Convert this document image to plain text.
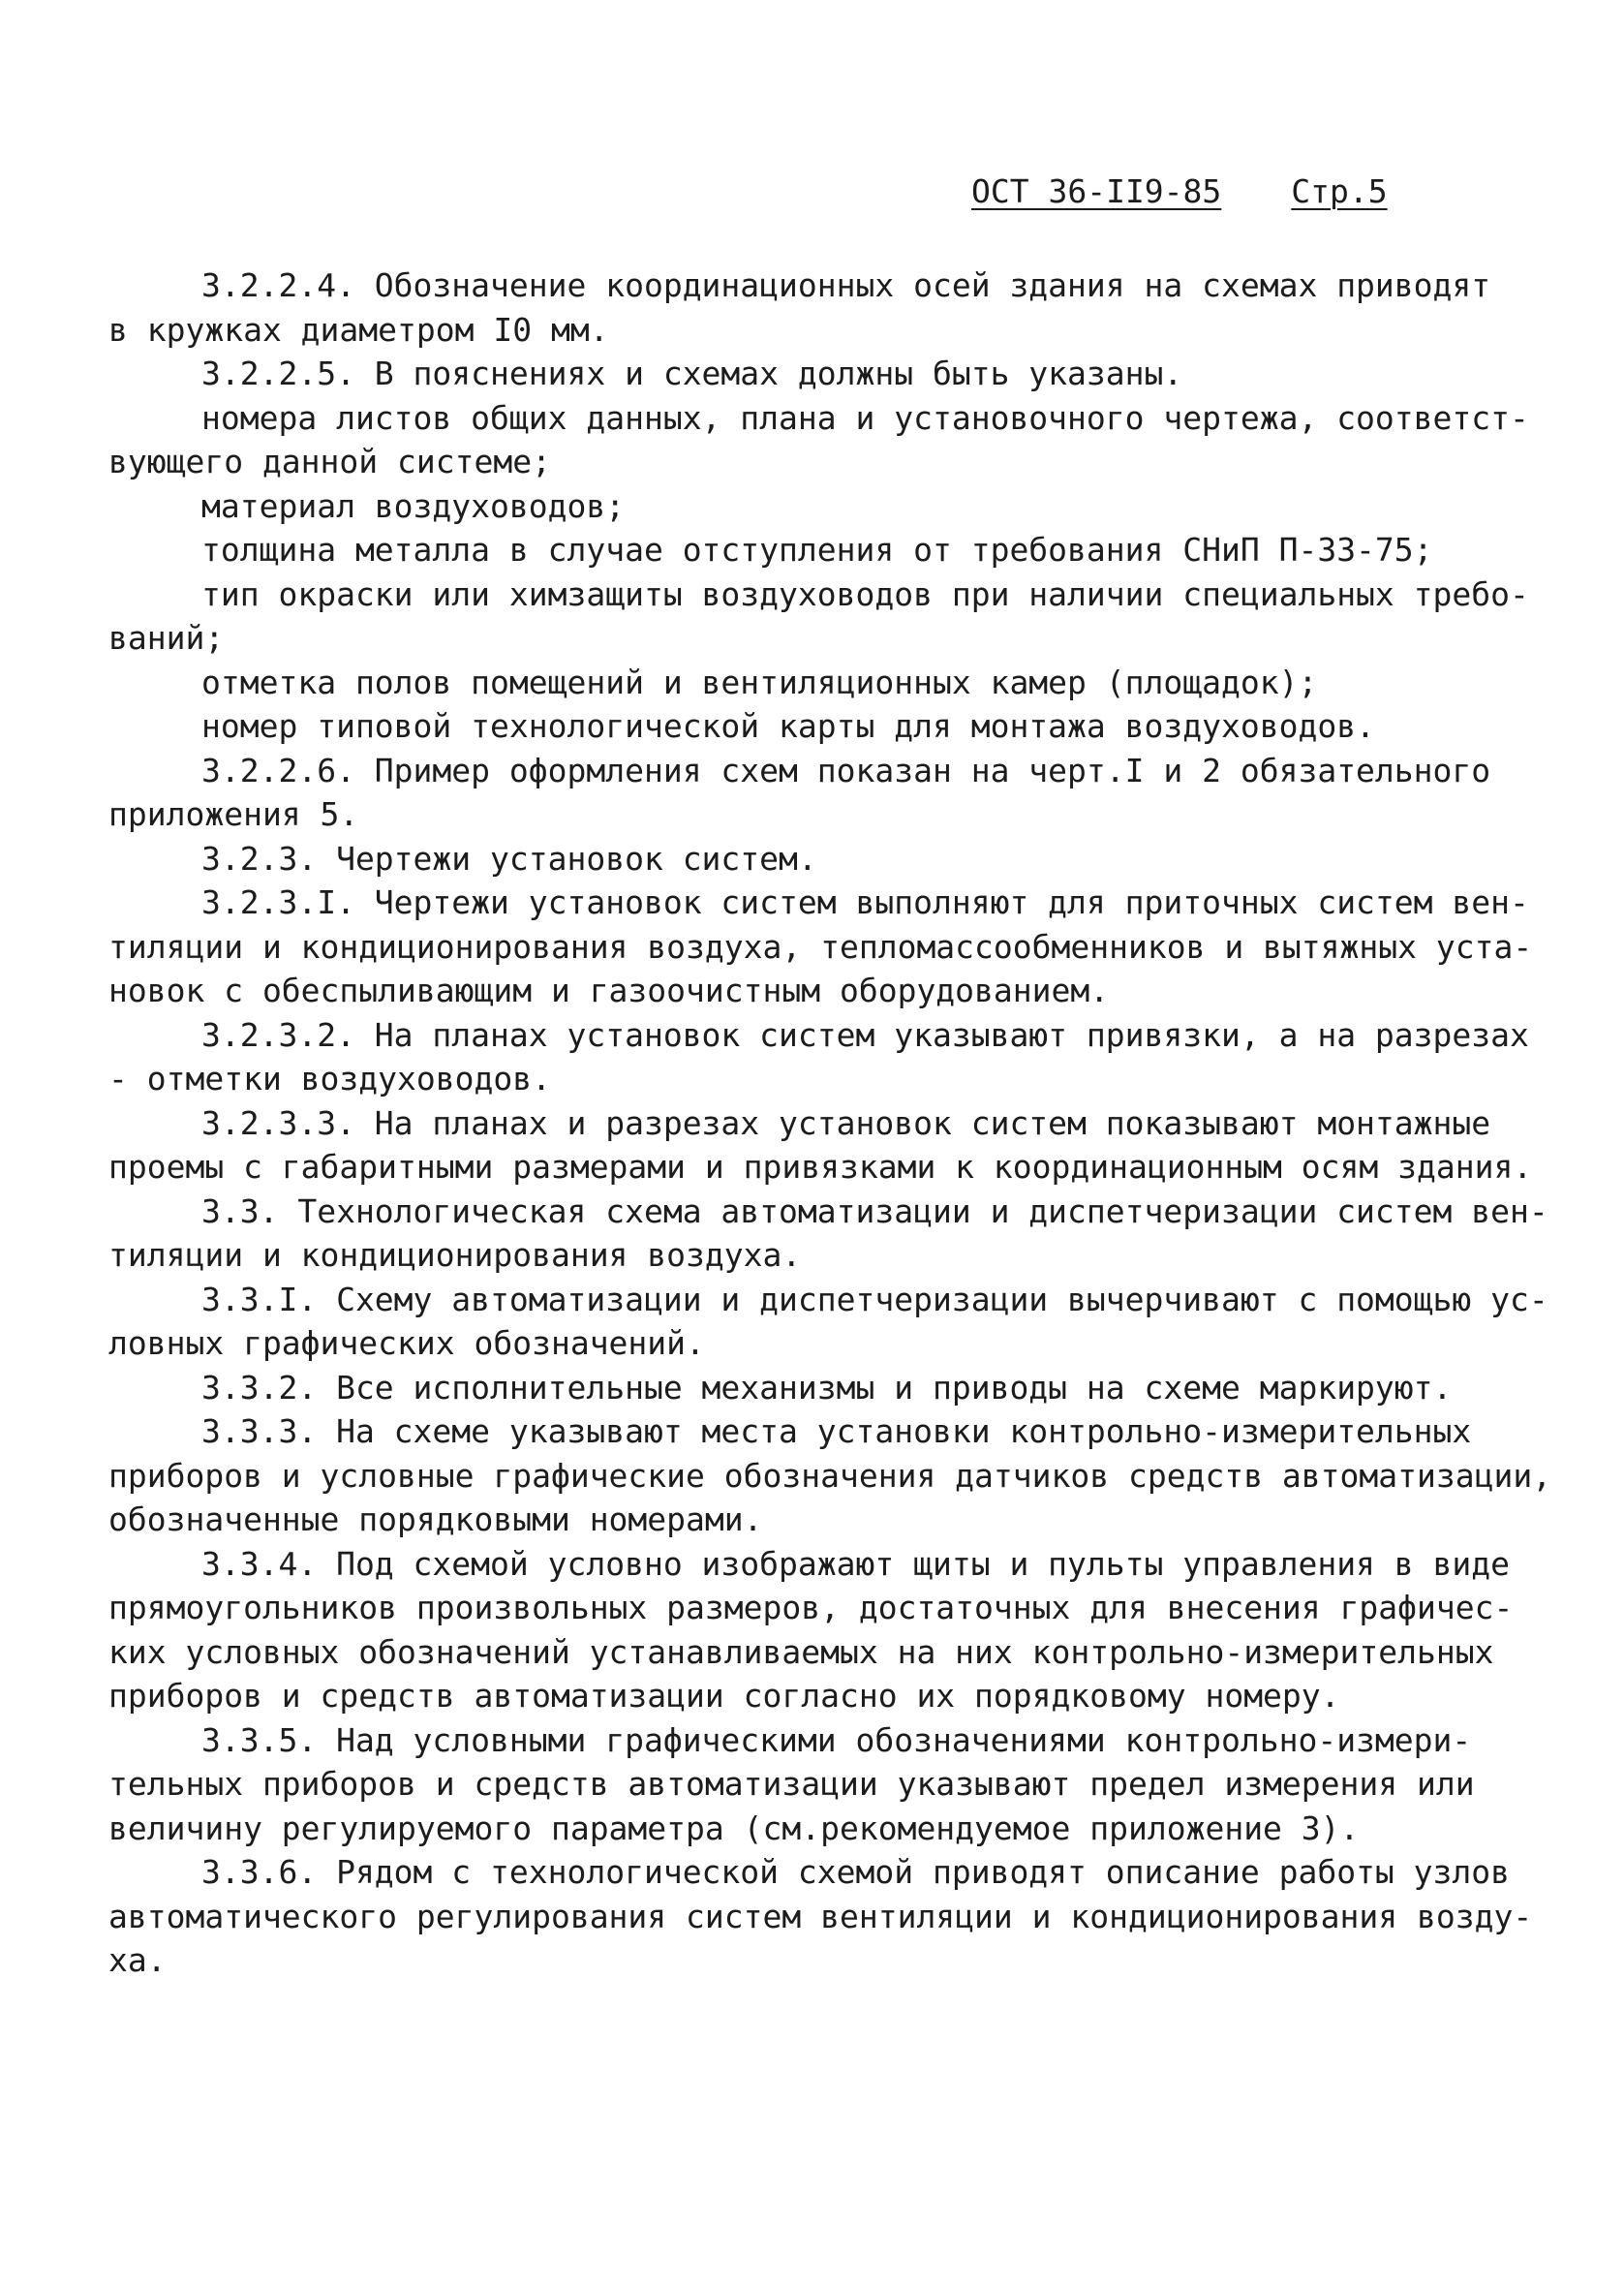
ОСТ 36-II9-85 Стр.5
3.2.2.4. Обозначение координационных осей здания на схемах приводят
в кружках диаметром I0 мм.
3.2.2.5. В пояснениях и схемах должны быть указаны.
номера листов общих данных, плана и установочного чертежа, соответст-
вующего данной системе;
материал воздуховодов;
толщина металла в случае отступления от требования СНиП П-33-75;
тип окраски или химзащиты воздуховодов при наличии специальных требо-
ваний;
отметка полов помещений и вентиляционных камер (площадок);
номер типовой технологической карты для монтажа воздуховодов.
3.2.2.6. Пример оформления схем показан на черт.I и 2 обязательного
приложения 5.
3.2.3. Чертежи установок систем.
3.2.3.I. Чертежи установок систем выполняют для приточных систем вен-
тиляции и кондиционирования воздуха, тепломассообменников и вытяжных уста-
новок с обеспыливающим и газоочистным оборудованием.
3.2.3.2. На планах установок систем указывают привязки, а на разрезах
- отметки воздуховодов.
3.2.3.3. На планах и разрезах установок систем показывают монтажные
проемы с габаритными размерами и привязками к координационным осям здания.
3.3. Технологическая схема автоматизации и диспетчеризации систем вен-
тиляции и кондиционирования воздуха.
3.3.I. Схему автоматизации и диспетчеризации вычерчивают с помощью ус-
ловных графических обозначений.
3.3.2. Все исполнительные механизмы и приводы на схеме маркируют.
3.3.3. На схеме указывают места установки контрольно-измерительных
приборов и условные графические обозначения датчиков средств автоматизации,
обозначенные порядковыми номерами.
3.3.4. Под схемой условно изображают щиты и пульты управления в виде
прямоугольников произвольных размеров, достаточных для внесения графичес-
ких условных обозначений устанавливаемых на них контрольно-измерительных
приборов и средств автоматизации согласно их порядковому номеру.
3.3.5. Над условными графическими обозначениями контрольно-измери-
тельных приборов и средств автоматизации указывают предел измерения или
величину регулируемого параметра (см.рекомендуемое приложение 3).
3.3.6. Рядом с технологической схемой приводят описание работы узлов
автоматического регулирования систем вентиляции и кондиционирования возду-
ха.
